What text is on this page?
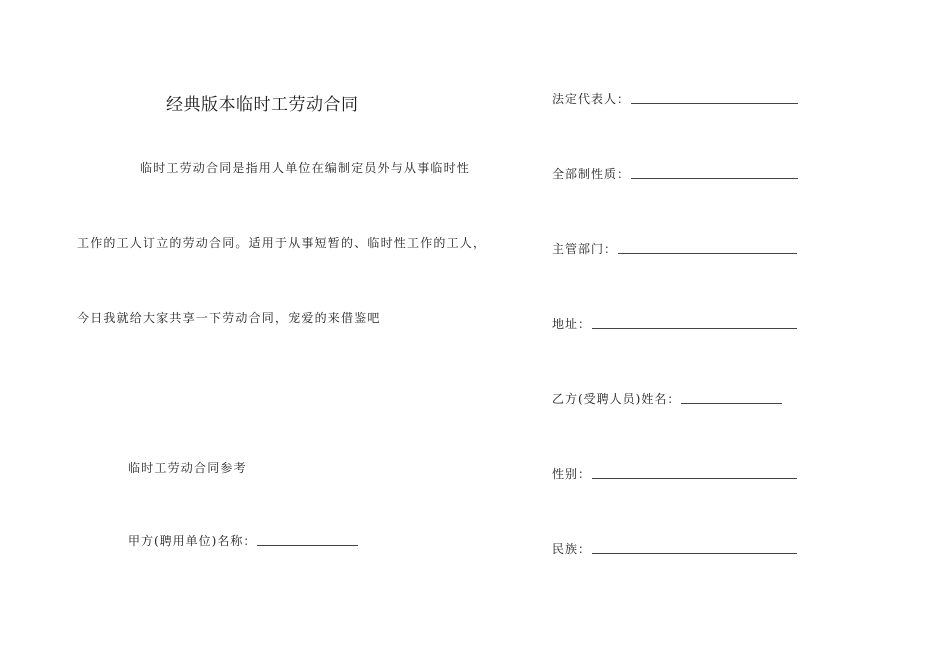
经典版本临时工劳动合同
临时工劳动合同是指用人单位在编制定员外与从事临时性
工作的工人订立的劳动合同。适用于从事短暂的、临时性工作的工人，
今日我就给大家共享一下劳动合同，宠爱的来借鉴吧
临时工劳动合同参考
甲方(聘用单位)名称：
法定代表人：
全部制性质：
主管部门：
地址：
乙方(受聘人员)姓名：
性别：
民族：
